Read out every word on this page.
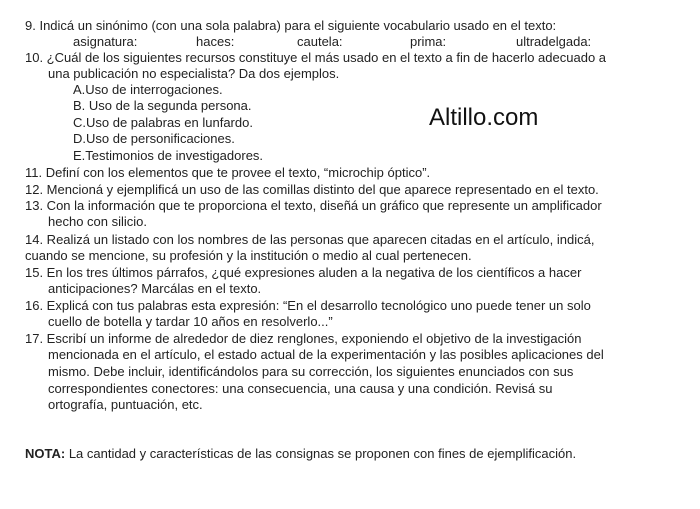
9. Indicá un sinónimo (con una sola palabra) para el siguiente vocabulario usado en el texto:
asignatura:	haces:	cautela:	prima:	ultradelgada:
10. ¿Cuál de los siguientes recursos constituye el más usado en el texto a fin de hacerlo adecuado a
una publicación no especialista? Da dos ejemplos.
A.Uso de interrogaciones.
B. Uso de la segunda persona.
C.Uso de palabras en lunfardo.
D.Uso de personificaciones.
E.Testimonios de investigadores.
Altillo.com
11. Definí con los elementos que te provee el texto, “microchip óptico”.
12. Mencioná y ejemplificá un uso de las comillas distinto del que aparece representado en el texto.
13. Con la información que te proporciona el texto, diseñá un gráfico que represente un amplificador
hecho con silicio.
14. Realizá un listado con los nombres de las personas que aparecen citadas en el artículo, indicá,
cuando se mencione, su profesión y la institución o medio al cual pertenecen.
15. En los tres últimos párrafos, ¿qué expresiones aluden a la negativa de los científicos a hacer
anticipaciones? Marcálas en el texto.
16. Explicá con tus palabras esta expresión: “En el desarrollo tecnológico uno puede tener un solo
cuello de botella y tardar 10 años en resolverlo...”
17. Escribí un informe de alrededor de diez renglones, exponiendo el objetivo de la investigación
mencionada en el artículo, el estado actual de la experimentación y las posibles aplicaciones del
mismo. Debe incluir, identificándolos para su corrección, los siguientes enunciados con sus
correspondientes conectores: una consecuencia, una causa y una condición. Revisá su
ortografía, puntuación, etc.
NOTA: La cantidad y características de las consignas se proponen con fines de ejemplificación.
